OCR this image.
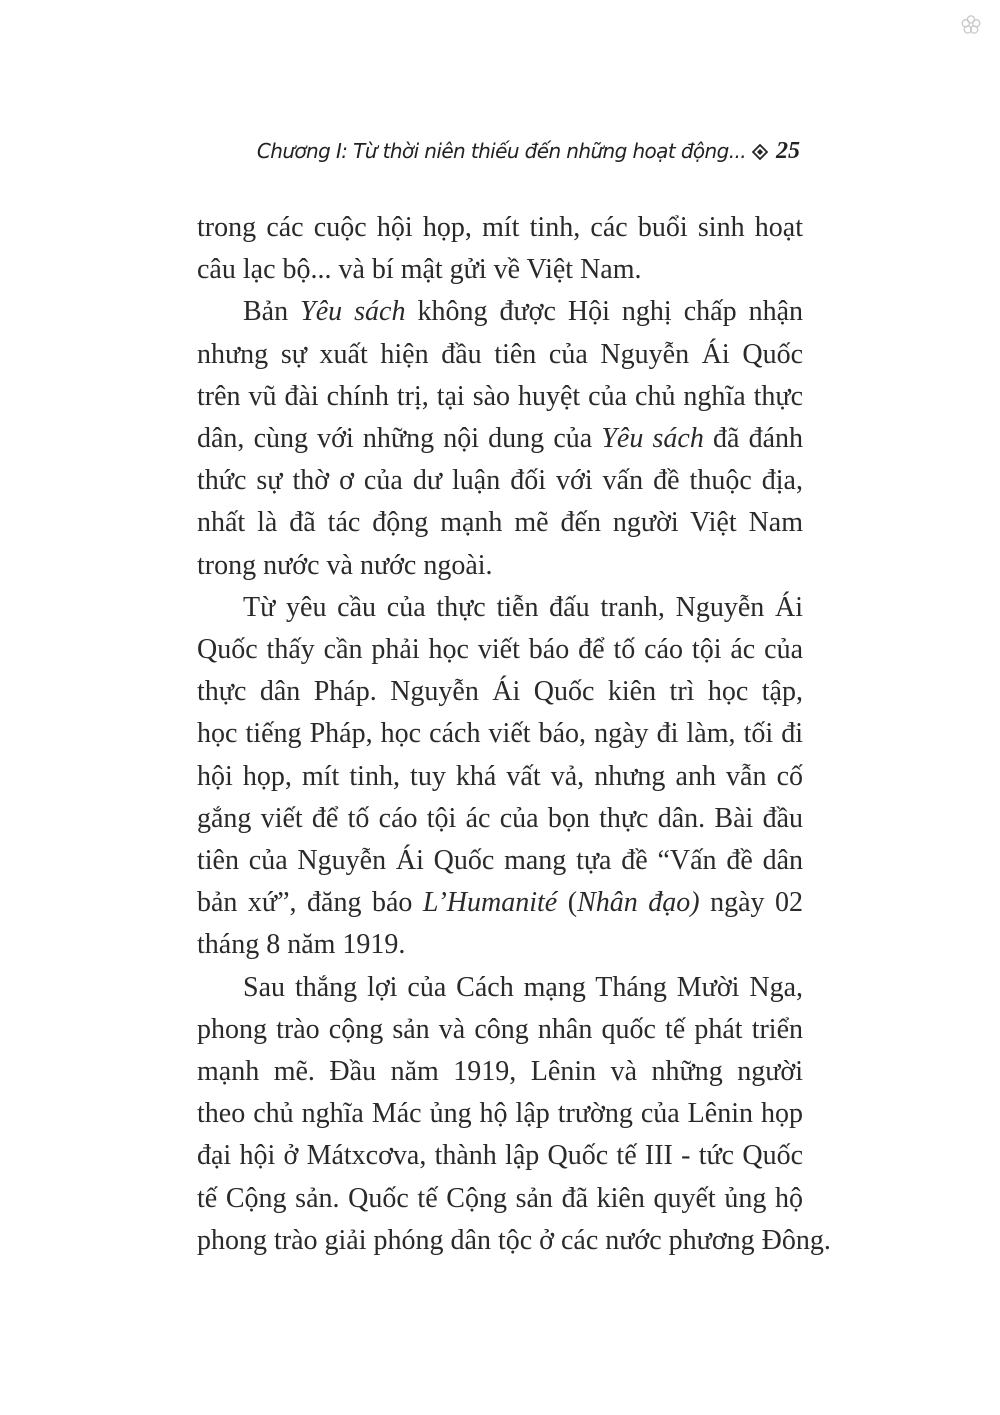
Chương I: Từ thời niên thiếu đến những hoạt động... 25
trong các cuộc hội họp, mít tinh, các buổi sinh hoạt
câu lạc bộ... và bí mật gửi về Việt Nam.
Bản Yêu sách không được Hội nghị chấp nhận
nhưng sự xuất hiện đầu tiên của Nguyễn Ái Quốc
trên vũ đài chính trị, tại sào huyệt của chủ nghĩa thực
dân, cùng với những nội dung của Yêu sách đã đánh
thức sự thờ ơ của dư luận đối với vấn đề thuộc địa,
nhất là đã tác động mạnh mẽ đến người Việt Nam
trong nước và nước ngoài.
Từ yêu cầu của thực tiễn đấu tranh, Nguyễn Ái
Quốc thấy cần phải học viết báo để tố cáo tội ác của
thực dân Pháp. Nguyễn Ái Quốc kiên trì học tập,
học tiếng Pháp, học cách viết báo, ngày đi làm, tối đi
hội họp, mít tinh, tuy khá vất vả, nhưng anh vẫn cố
gắng viết để tố cáo tội ác của bọn thực dân. Bài đầu
tiên của Nguyễn Ái Quốc mang tựa đề “Vấn đề dân
bản xứ”, đăng báo L’Humanité (Nhân đạo) ngày 02
tháng 8 năm 1919.
Sau thắng lợi của Cách mạng Tháng Mười Nga,
phong trào cộng sản và công nhân quốc tế phát triển
mạnh mẽ. Đầu năm 1919, Lênin và những người
theo chủ nghĩa Mác ủng hộ lập trường của Lênin họp
đại hội ở Mátxcơva, thành lập Quốc tế III - tức Quốc
tế Cộng sản. Quốc tế Cộng sản đã kiên quyết ủng hộ
phong trào giải phóng dân tộc ở các nước phương Đông.
